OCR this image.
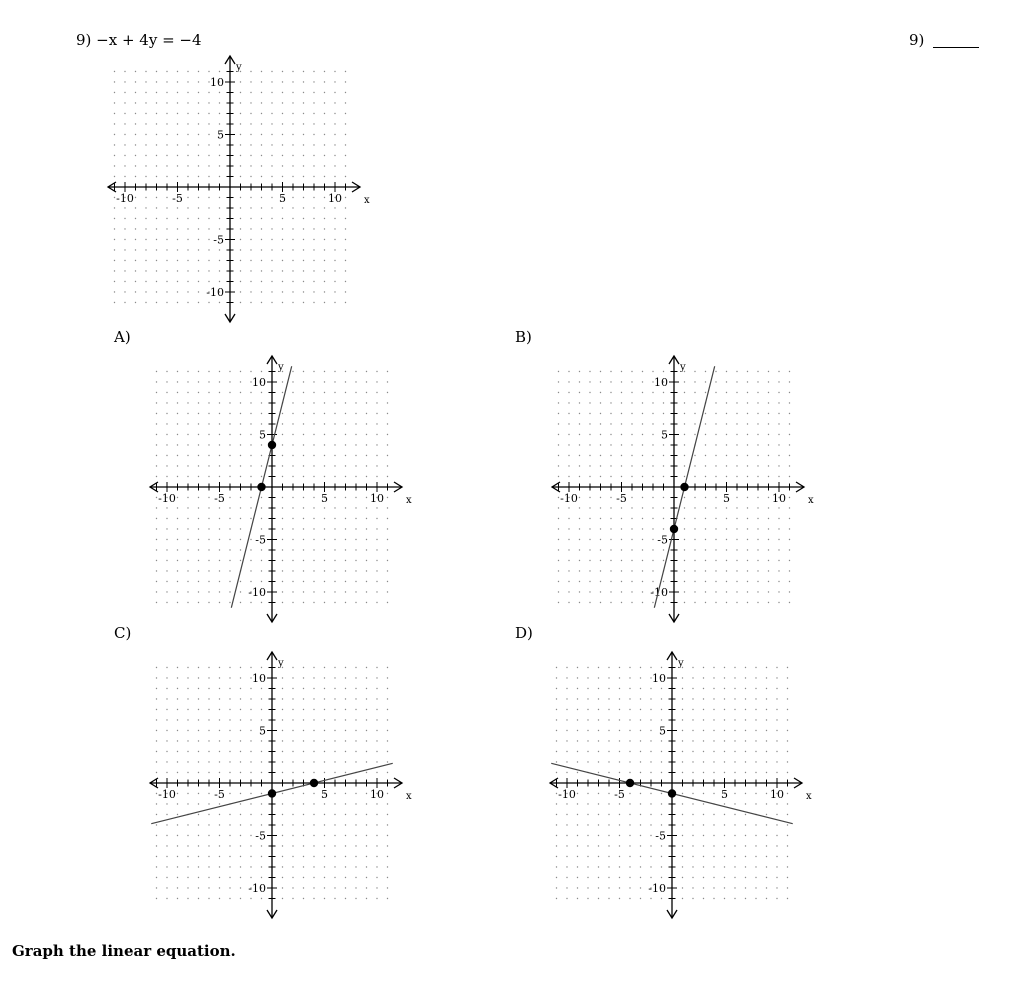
9) −x + 4y = −4	9)
-10	-5	5	10
10
5
-5
-10
x
y
A)
-10	-5	5	10
10
5
-5
-10
x
y
B)
-10	-5	5	10
10
5
-5
-10
x
y
C)
-10	-5	5	10
10
5
-5
-10
x
y
D)
-10	-5	5	10
10
5
-5
-10
x
y
Graph the linear equation.
